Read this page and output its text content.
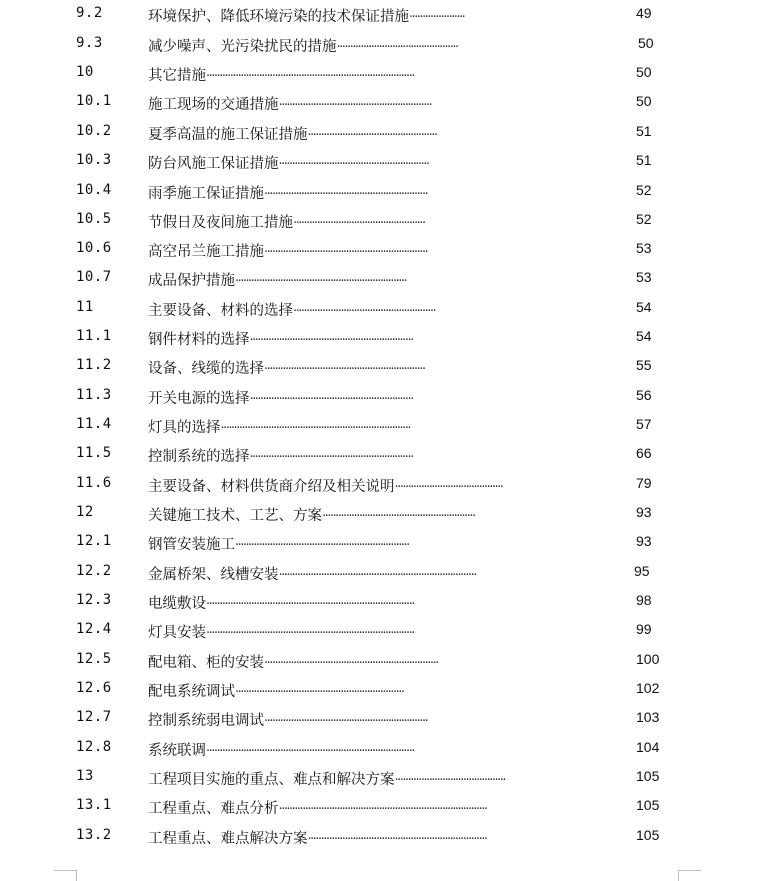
9.2	环境保护、降低环境污染的技术保证措施·····················	49
9.3	减少噪声、光污染扰民的措施··············································	50
10	其它措施···············································································	50
10.1	施工现场的交通措施··························································	50
10.2	夏季高温的施工保证措施·················································	51
10.3	防台风施工保证措施·························································	51
10.4	雨季施工保证措施······························································	52
10.5	节假日及夜间施工措施··················································	52
10.6	高空吊兰施工措施······························································	53
10.7	成品保护措施·································································	53
11	主要设备、材料的选择······················································	54
11.1	钢件材料的选择······························································	54
11.2	设备、线缆的选择·····························································	55
11.3	开关电源的选择······························································	56
11.4	灯具的选择········································································	57
11.5	控制系统的选择······························································	66
11.6	主要设备、材料供货商介绍及相关说明·········································	79
12	关键施工技术、工艺、方案··························································	93
12.1	钢管安装施工··································································	93
12.2	金属桥架、线槽安装···········································································	95
12.3	电缆敷设···············································································	98
12.4	灯具安装···············································································	99
12.5	配电箱、柜的安装··································································	100
12.6	配电系统调试································································	102
12.7	控制系统弱电调试······························································	103
12.8	系统联调···············································································	104
13	工程项目实施的重点、难点和解决方案··········································	105
13.1	工程重点、难点分析···············································································	105
13.2	工程重点、难点解决方案····································································	105
